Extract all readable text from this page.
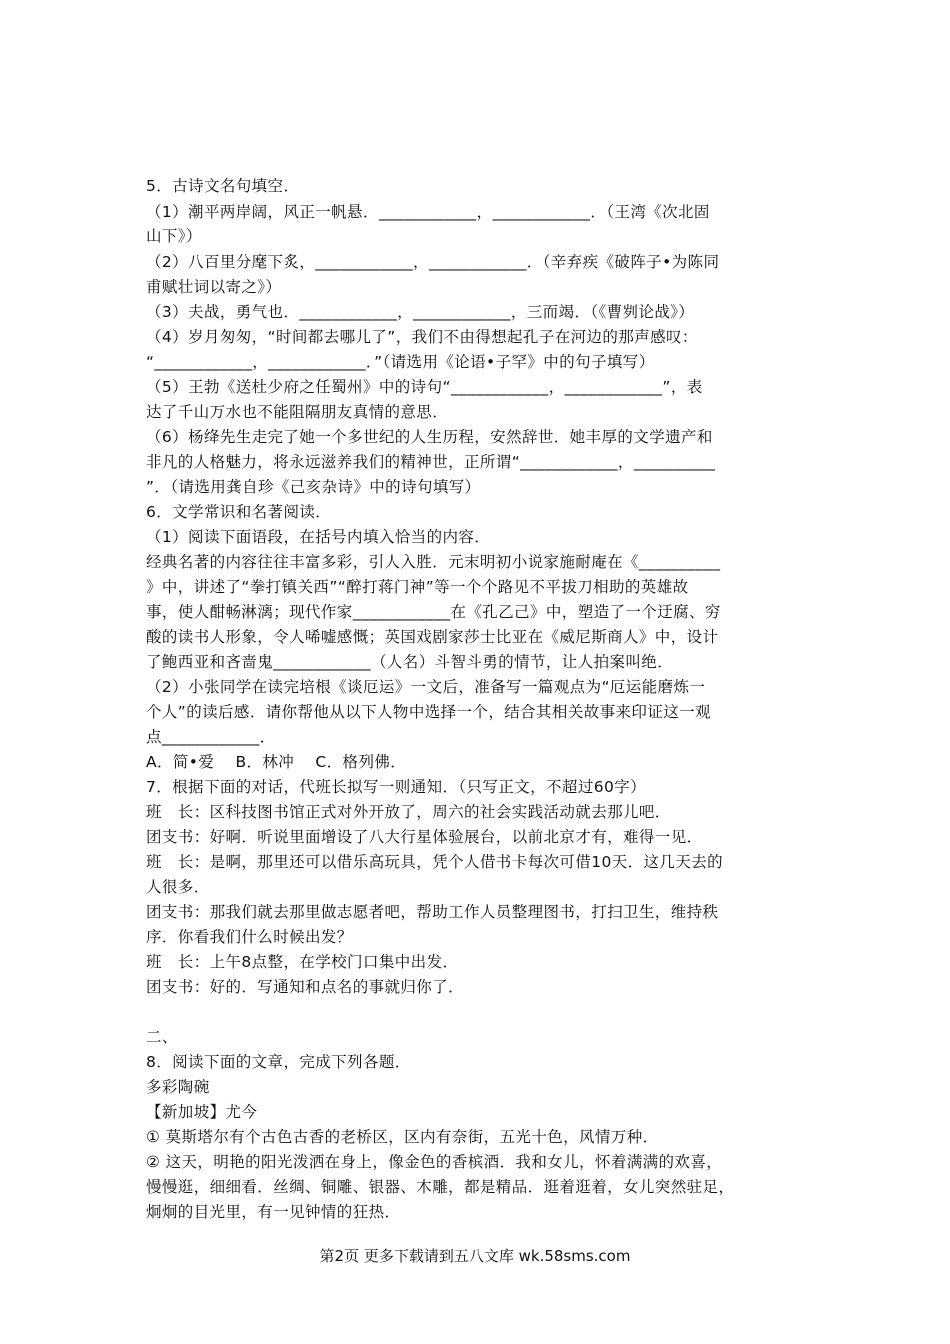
5．古诗文名句填空．
（1）潮平两岸阔，风正一帆悬．____________，____________．（王湾《次北固
山下》）
（2）八百里分麾下炙，____________，____________．（辛弃疾《破阵子•为陈同
甫赋壮词以寄之》）
（3）夫战，勇气也．____________，____________，三而竭．（《曹刿论战》）
（4）岁月匆匆，“时间都去哪儿了”，我们不由得想起孔子在河边的那声感叹：
“____________，____________．”（请选用《论语•子罕》中的句子填写）
（5）王勃《送杜少府之任蜀州》中的诗句“____________，____________”，表
达了千山万水也不能阻隔朋友真情的意思．
（6）杨绛先生走完了她一个多世纪的人生历程，安然辞世．她丰厚的文学遗产和
非凡的人格魅力，将永远滋养我们的精神世，正所谓“____________，__________
”．（请选用龚自珍《己亥杂诗》中的诗句填写）
6．文学常识和名著阅读．
（1）阅读下面语段，在括号内填入恰当的内容．
经典名著的内容往往丰富多彩，引人入胜．元末明初小说家施耐庵在《__________
》中，讲述了“拳打镇关西”“醉打蒋门神”等一个个路见不平拔刀相助的英雄故
事，使人酣畅淋漓；现代作家____________在《孔乙己》中，塑造了一个迂腐、穷
酸的读书人形象，令人唏嘘感慨；英国戏剧家莎士比亚在《威尼斯商人》中，设计
了鲍西亚和吝啬鬼____________（人名）斗智斗勇的情节，让人拍案叫绝．
（2）小张同学在读完培根《谈厄运》一文后，准备写一篇观点为“厄运能磨炼一
个人”的读后感．请你帮他从以下人物中选择一个，结合其相关故事来印证这一观
点____________．
A．简•爱　 B．林冲　 C．格列佛．
7．根据下面的对话，代班长拟写一则通知．（只写正文，不超过60字）
班　长：区科技图书馆正式对外开放了，周六的社会实践活动就去那儿吧．
团支书：好啊．听说里面增设了八大行星体验展台，以前北京才有，难得一见．
班　长：是啊，那里还可以借乐高玩具，凭个人借书卡每次可借10天．这几天去的
人很多．
团支书：那我们就去那里做志愿者吧，帮助工作人员整理图书，打扫卫生，维持秩
序．你看我们什么时候出发？
班　长：上午8点整，在学校门口集中出发．
团支书：好的．写通知和点名的事就归你了．
二、
8．阅读下面的文章，完成下列各题．
多彩陶碗
【新加坡】尤今
① 莫斯塔尔有个古色古香的老桥区，区内有奈街，五光十色，风情万种．
② 这天，明艳的阳光泼洒在身上，像金色的香槟酒．我和女儿，怀着满满的欢喜，
慢慢逛，细细看．丝绸、铜雕、银器、木雕，都是精品．逛着逛着，女儿突然驻足，
炯炯的目光里，有一见钟情的狂热．
第2页 更多下载请到五八文库 wk.58sms.com
